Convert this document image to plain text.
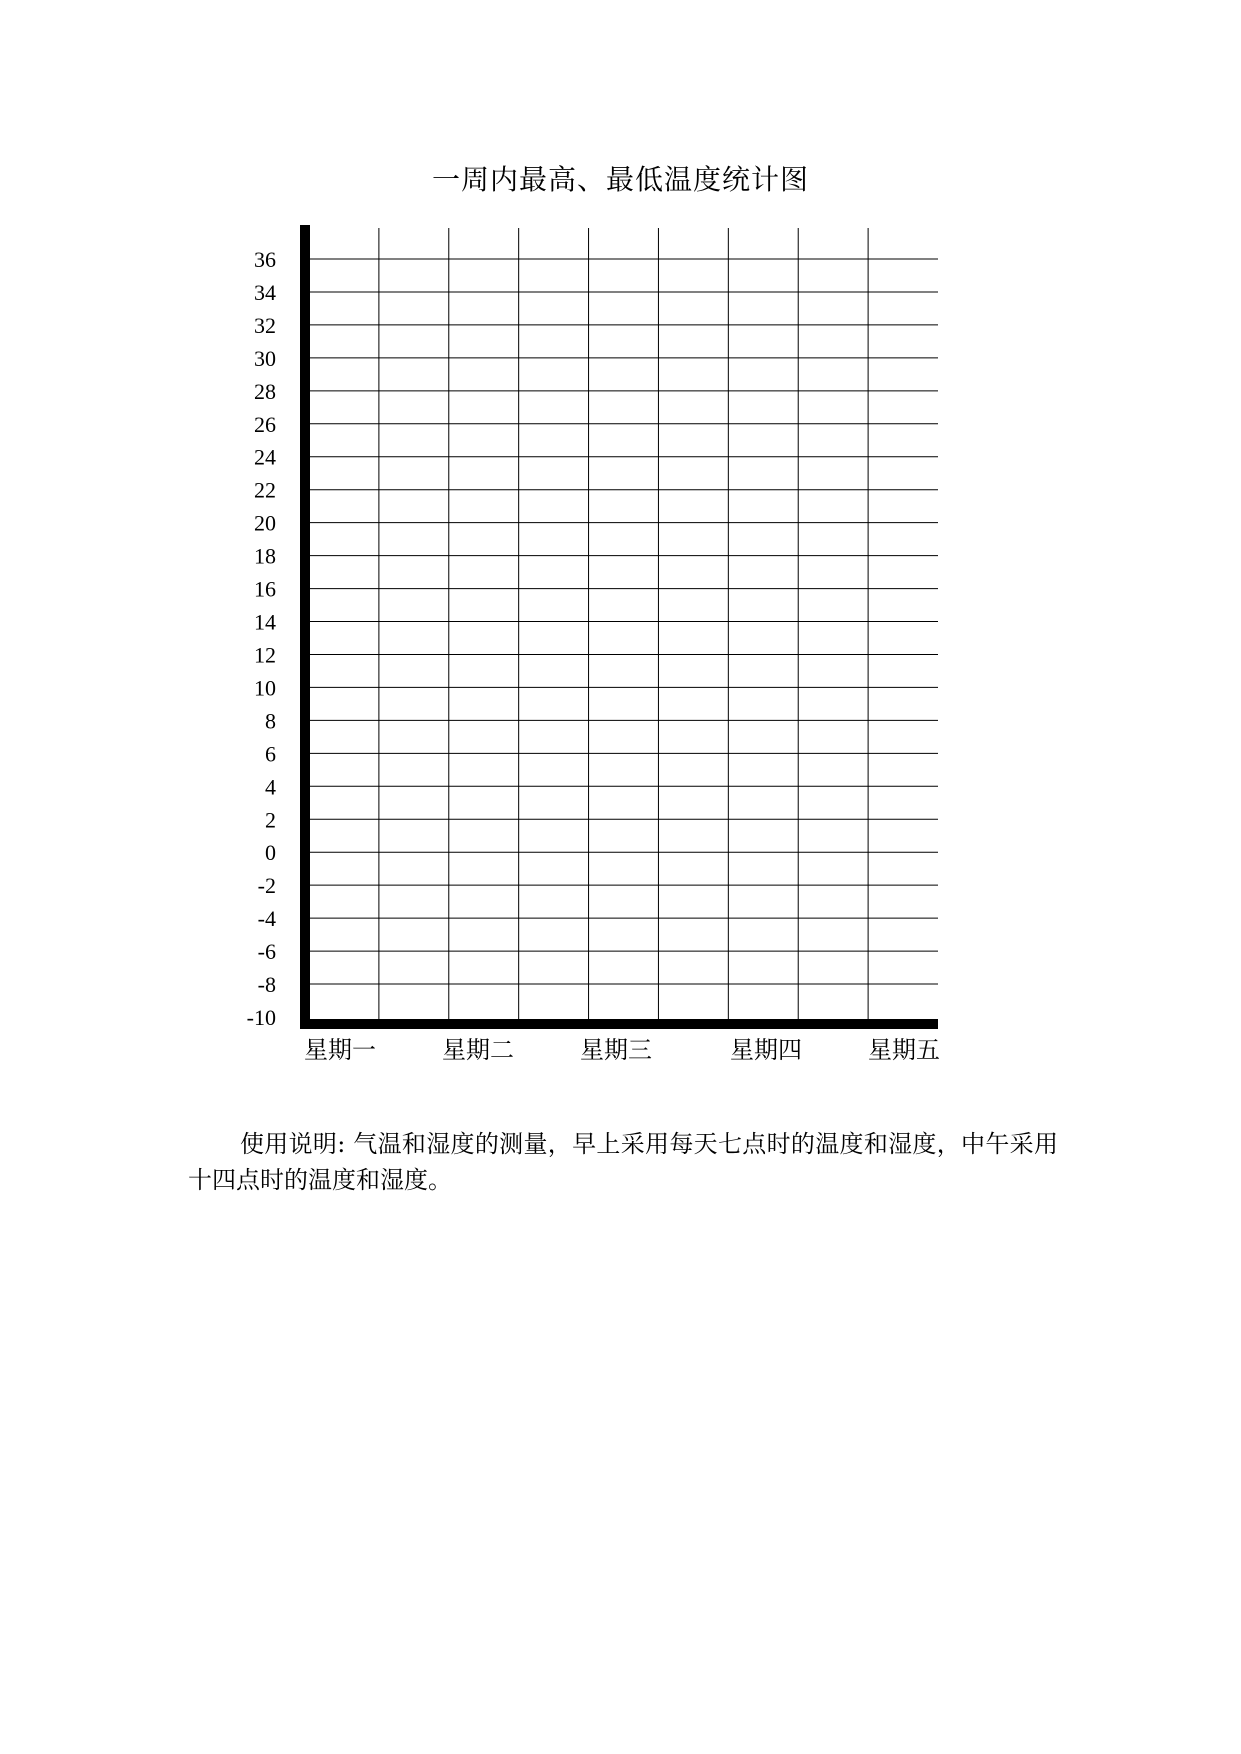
一周内最高、最低温度统计图
36
34
32
30
28
26
24
22
20
18
16
14
12
10
8
6
4
2
0
-2
-4
-6
-8
-10
星期一	星期二	星期三	星期四	星期五
使用说明: 气温和湿度的测量，早上采用每天七点时的温度和湿度，中午采用十四点时的温度和湿度。
